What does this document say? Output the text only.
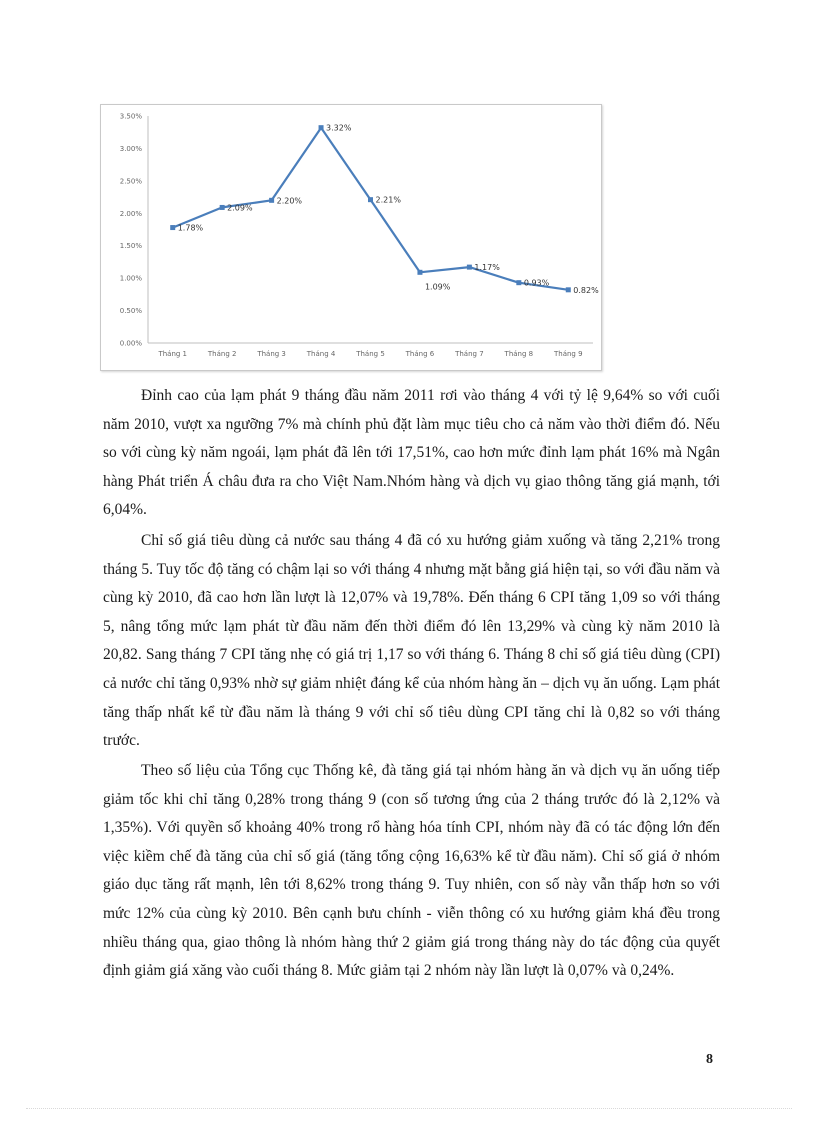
0.00%
0.50%
1.00%
1.50%
2.00%
2.50%
3.00%
3.50%
Tháng 1	Tháng 2	Tháng 3	Tháng 4	Tháng 5	Tháng 6	Tháng 7	Tháng 8	Tháng 9
1.78%
2.09%
2.20%
3.32%
2.21%
1.09%
1.17%
0.93%
0.82%

Đỉnh cao của lạm phát 9 tháng đầu năm 2011 rơi vào tháng 4 với tỷ lệ 9,64% so với cuối năm 2010, vượt xa ngưỡng 7% mà chính phủ đặt làm mục tiêu cho cả năm vào thời điểm đó. Nếu so với cùng kỳ năm ngoái, lạm phát đã lên tới 17,51%, cao hơn mức đỉnh lạm phát 16% mà Ngân hàng Phát triển Á châu đưa ra cho Việt Nam.Nhóm hàng và dịch vụ giao thông tăng giá mạnh, tới 6,04%.

Chỉ số giá tiêu dùng cả nước sau tháng 4 đã có xu hướng giảm xuống và tăng 2,21% trong tháng 5. Tuy tốc độ tăng có chậm lại so với tháng 4 nhưng mặt bằng giá hiện tại, so với đầu năm và cùng kỳ 2010, đã cao hơn lần lượt là 12,07% và 19,78%. Đến tháng 6 CPI tăng 1,09 so với tháng 5, nâng tổng mức lạm phát từ đầu năm đến thời điểm đó lên 13,29% và cùng kỳ năm 2010 là 20,82. Sang tháng 7 CPI tăng nhẹ có giá trị 1,17 so với tháng 6. Tháng 8 chỉ số giá tiêu dùng (CPI) cả nước chỉ tăng 0,93% nhờ sự giảm nhiệt đáng kể của nhóm hàng ăn – dịch vụ ăn uống. Lạm phát tăng thấp nhất kể từ đầu năm là tháng 9 với chỉ số tiêu dùng CPI tăng chỉ là 0,82 so với tháng trước.

Theo số liệu của Tổng cục Thống kê, đà tăng giá tại nhóm hàng ăn và dịch vụ ăn uống tiếp giảm tốc khi chỉ tăng 0,28% trong tháng 9 (con số tương ứng của 2 tháng trước đó là 2,12% và 1,35%). Với quyền số khoảng 40% trong rổ hàng hóa tính CPI, nhóm này đã có tác động lớn đến việc kiềm chế đà tăng của chỉ số giá (tăng tổng cộng 16,63% kể từ đầu năm). Chỉ số giá ở nhóm giáo dục tăng rất mạnh, lên tới 8,62% trong tháng 9. Tuy nhiên, con số này vẫn thấp hơn so với mức 12% của cùng kỳ 2010. Bên cạnh bưu chính - viễn thông có xu hướng giảm khá đều trong nhiều tháng qua, giao thông là nhóm hàng thứ 2 giảm giá trong tháng này do tác động của quyết định giảm giá xăng vào cuối tháng 8. Mức giảm tại 2 nhóm này lần lượt là 0,07% và 0,24%.

8
